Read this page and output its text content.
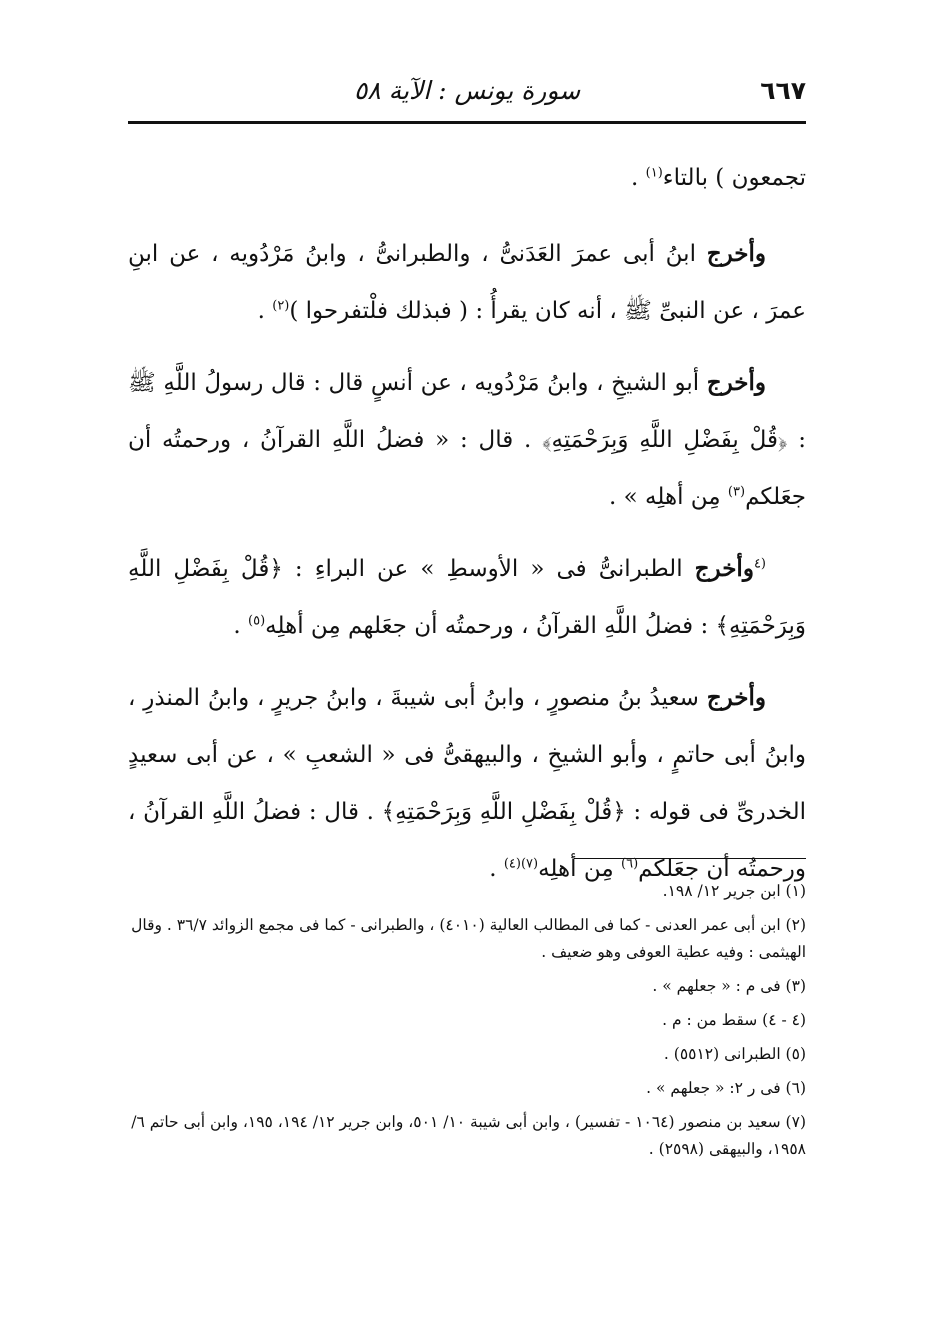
٦٦٧
سورة يونس : الآية ٥٨

تجمعون ) بالتاء$^{(١)}$ .

وأخرج ابنُ أبى عمرَ العَدَنىُّ ، والطبرانىُّ ، وابنُ مَرْدُويه ، عن ابنِ عمرَ ، عن النبىِّ ﷺ ، أنه كان يقرأُ : ( فبذلك فلْتفرحوا )$^{(٢)}$ .

وأخرج أبو الشيخِ ، وابنُ مَرْدُويه ، عن أنسٍ قال : قال رسولُ اللَّهِ ﷺ : ﴿قُلْ بِفَضْلِ اللَّهِ وَبِرَحْمَتِهِ﴾ . قال : « فضلُ اللَّهِ القرآنُ ، ورحمتُه أن جعَلكم$^{(٣)}$ مِن أهلِه » .

$^{(٤}$وأخرج الطبرانىُّ فى « الأوسطِ » عن البراءِ : ﴿قُلْ بِفَضْلِ اللَّهِ وَبِرَحْمَتِهِ﴾ : فضلُ اللَّهِ القرآنُ ، ورحمتُه أن جعَلهم مِن أهلِه$^{(٥)}$ .

وأخرج سعيدُ بنُ منصورٍ ، وابنُ أبى شيبةَ ، وابنُ جريرٍ ، وابنُ المنذرِ ، وابنُ أبى حاتمٍ ، وأبو الشيخِ ، والبيهقىُّ فى « الشعبِ » ، عن أبى سعيدٍ الخدرىِّ فى قوله : ﴿قُلْ بِفَضْلِ اللَّهِ وَبِرَحْمَتِهِ﴾ . قال : فضلُ اللَّهِ القرآنُ ، ورحمتُه أن جعَلكم$^{(٦)}$ مِن أهلِه$^{(٧)(٤)}$ .

(١) ابن جرير ١٢/ ١٩٨.

(٢) ابن أبى عمر العدنى - كما فى المطالب العالية (٤٠١٠) ، والطبرانى - كما فى مجمع الزوائد ٣٦/٧ . وقال الهيثمى : وفيه عطية العوفى وهو ضعيف .

(٣) فى م : « جعلهم » .

(٤ - ٤) سقط من : م .

(٥) الطبرانى (٥٥١٢) .

(٦) فى ر ٢: « جعلهم » .

(٧) سعيد بن منصور (١٠٦٤ - تفسير) ، وابن أبى شيبة ١٠/ ٥٠١، وابن جرير ١٢/ ١٩٤، ١٩٥، وابن أبى حاتم ٦/ ١٩٥٨، والبيهقى (٢٥٩٨) .
